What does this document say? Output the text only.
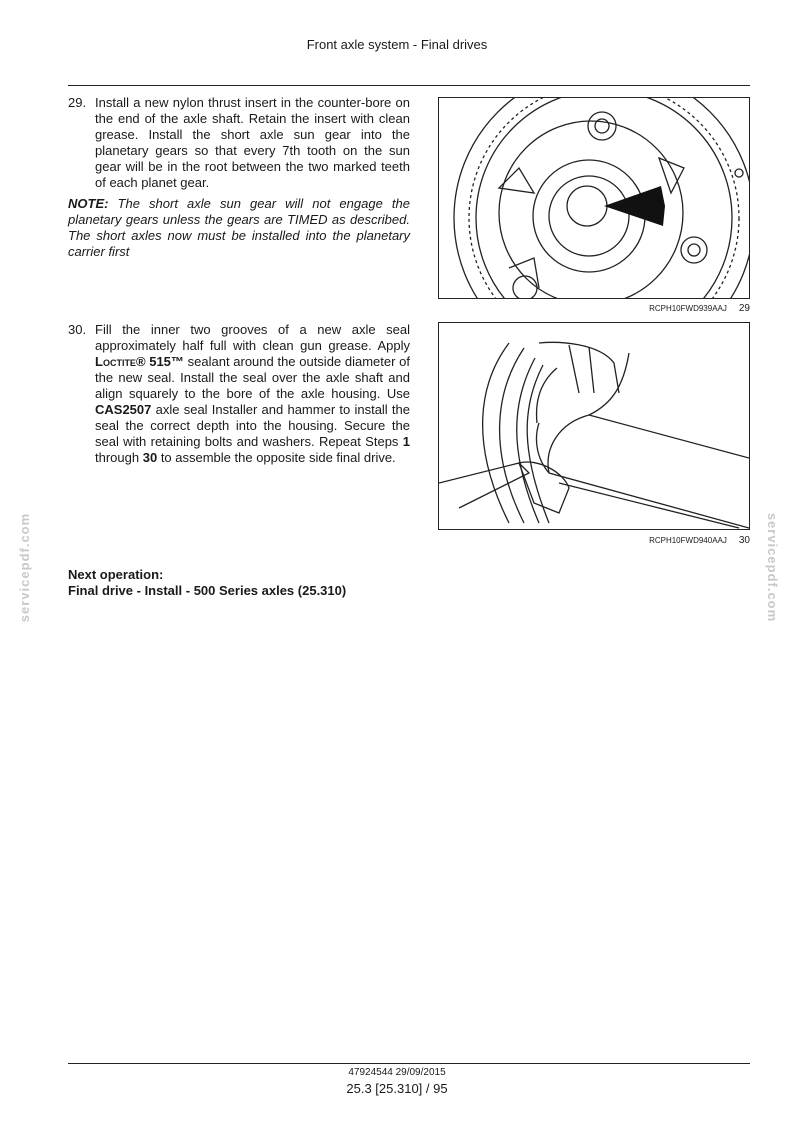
Front axle system - Final drives
29. Install a new nylon thrust insert in the counter-bore on the end of the axle shaft. Retain the insert with clean grease. Install the short axle sun gear into the planetary gears so that every 7th tooth on the sun gear will be in the root between the two marked teeth of each planet gear.
NOTE: The short axle sun gear will not engage the planetary gears unless the gears are TIMED as described. The short axles now must be installed into the planetary carrier first
RCPH10FWD939AAJ 29
30. Fill the inner two grooves of a new axle seal approximately half full with clean gun grease. Apply Loctite® 515™ sealant around the outside diameter of the new seal. Install the seal over the axle shaft and align squarely to the bore of the axle housing. Use CAS2507 axle seal Installer and hammer to install the seal the correct depth into the housing. Secure the seal with retaining bolts and washers. Repeat Steps 1 through 30 to assemble the opposite side final drive.
RCPH10FWD940AAJ 30
Next operation:
Final drive - Install - 500 Series axles (25.310)
servicepdf.com	servicepdf.com
47924544 29/09/2015
25.3 [25.310] / 95
